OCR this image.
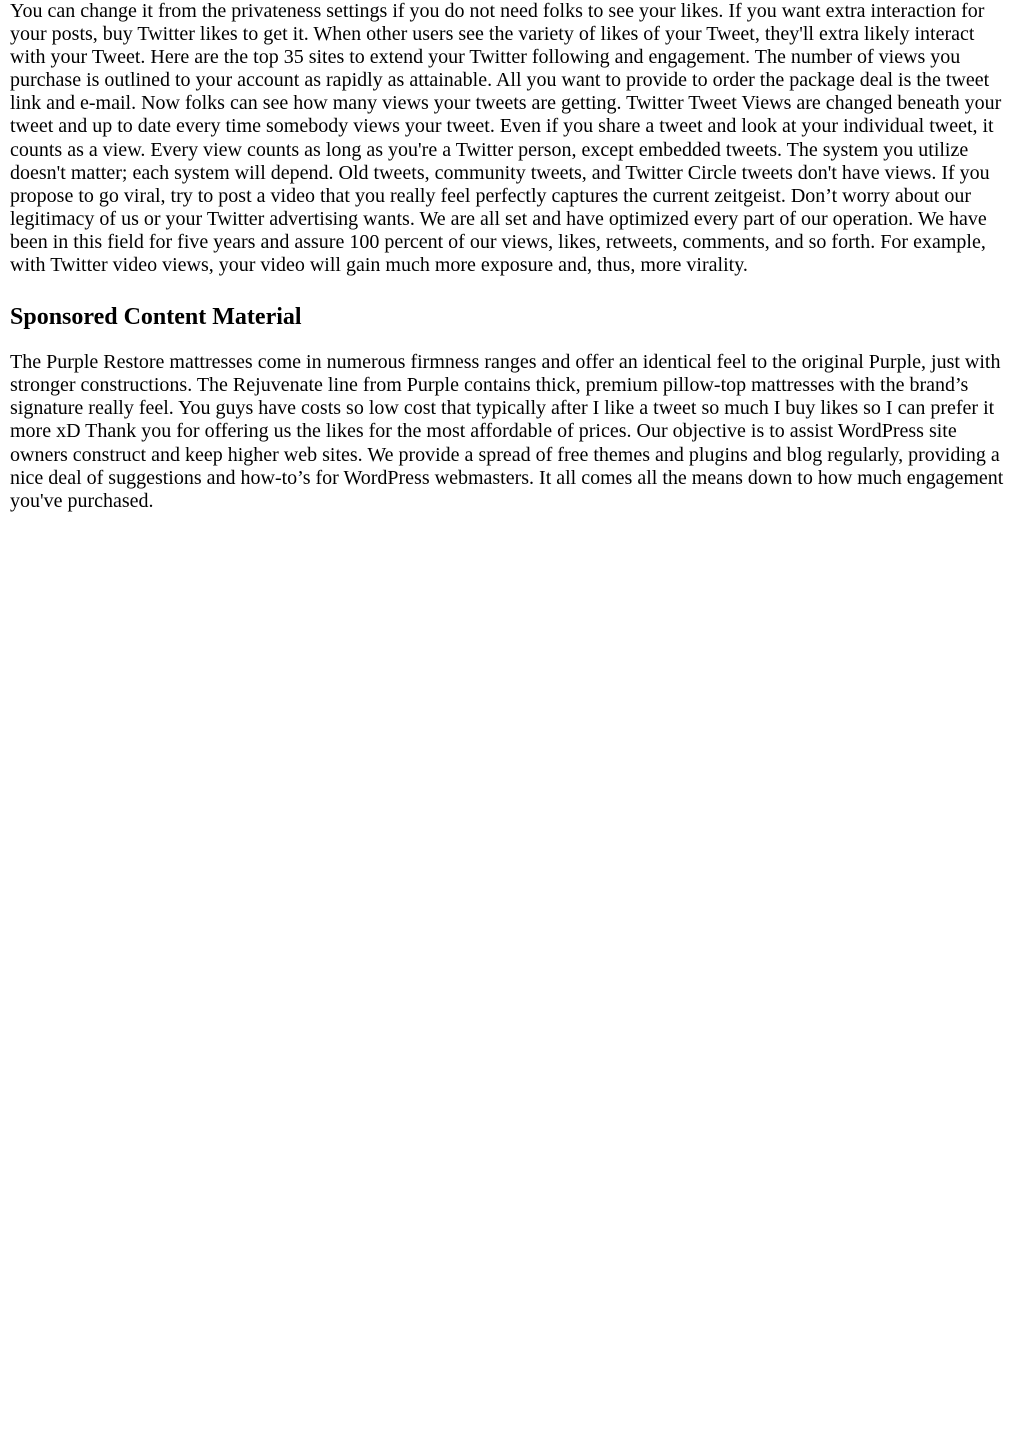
You can change it from the privateness settings if you do not need folks to see your likes. If you want extra interaction for your posts, buy Twitter likes to get it. When other users see the variety of likes of your Tweet, they'll extra likely interact with your Tweet. Here are the top 35 sites to extend your Twitter following and engagement. The number of views you purchase is outlined to your account as rapidly as attainable. All you want to provide to order the package deal is the tweet link and e-mail. Now folks can see how many views your tweets are getting. Twitter Tweet Views are changed beneath your tweet and up to date every time somebody views your tweet. Even if you share a tweet and look at your individual tweet, it counts as a view. Every view counts as long as you're a Twitter person, except embedded tweets. The system you utilize doesn't matter; each system will depend. Old tweets, community tweets, and Twitter Circle tweets don't have views. If you propose to go viral, try to post a video that you really feel perfectly captures the current zeitgeist. Don’t worry about our legitimacy of us or your Twitter advertising wants. We are all set and have optimized every part of our operation. We have been in this field for five years and assure 100 percent of our views, likes, retweets, comments, and so forth. For example, with Twitter video views, your video will gain much more exposure and, thus, more virality.

Sponsored Content Material

The Purple Restore mattresses come in numerous firmness ranges and offer an identical feel to the original Purple, just with stronger constructions. The Rejuvenate line from Purple contains thick, premium pillow-top mattresses with the brand’s signature really feel. You guys have costs so low cost that typically after I like a tweet so much I buy likes so I can prefer it more xD Thank you for offering us the likes for the most affordable of prices. Our objective is to assist WordPress site owners construct and keep higher web sites. We provide a spread of free themes and plugins and blog regularly, providing a nice deal of suggestions and how-to’s for WordPress webmasters. It all comes all the means down to how much engagement you've purchased.
